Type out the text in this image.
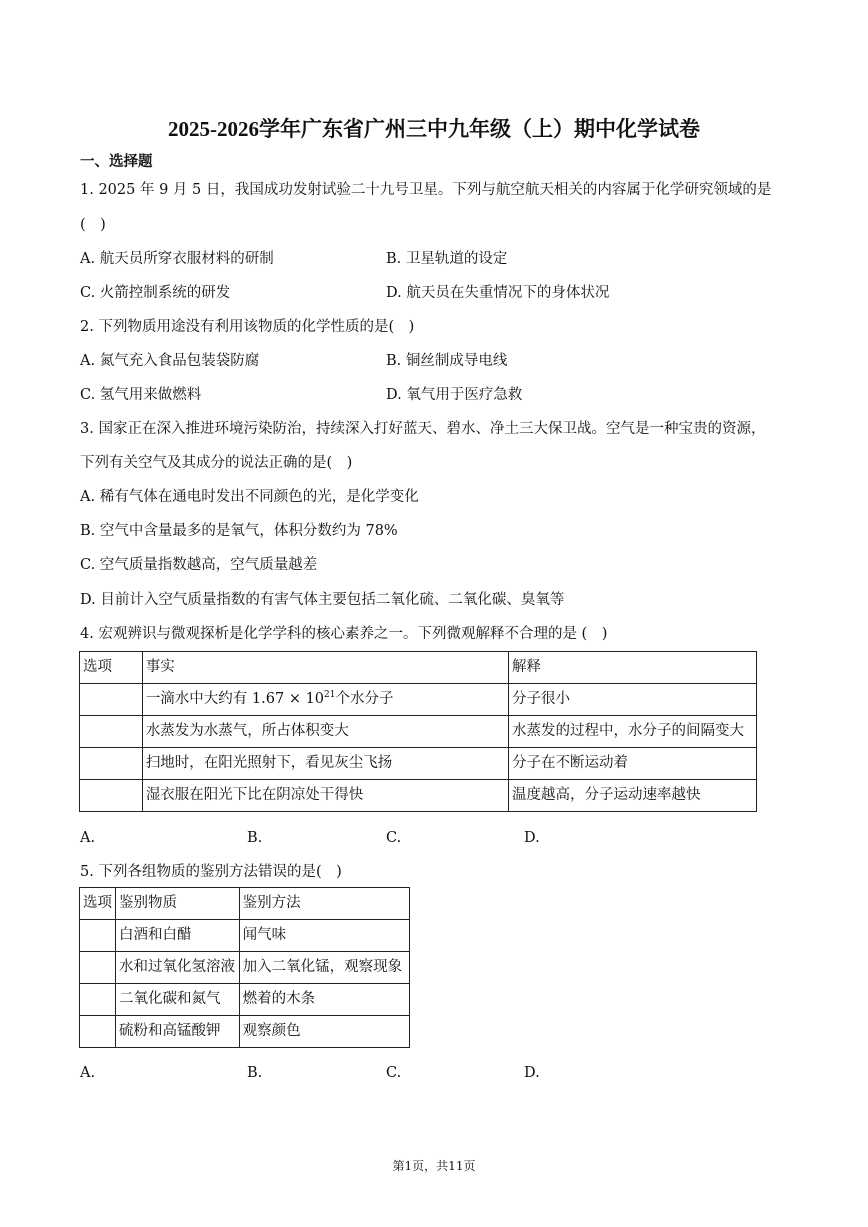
2025-2026学年广东省广州三中九年级（上）期中化学试卷
一、选择题
1. 2025 年 9 月 5 日，我国成功发射试验二十九号卫星。下列与航空航天相关的内容属于化学研究领域的是
(　)
A. 航天员所穿衣服材料的研制	B. 卫星轨道的设定
C. 火箭控制系统的研发	D. 航天员在失重情况下的身体状况
2. 下列物质用途没有利用该物质的化学性质的是(　)
A. 氮气充入食品包装袋防腐	B. 铜丝制成导电线
C. 氢气用来做燃料	D. 氧气用于医疗急救
3. 国家正在深入推进环境污染防治，持续深入打好蓝天、碧水、净土三大保卫战。空气是一种宝贵的资源，
下列有关空气及其成分的说法正确的是(　)
A. 稀有气体在通电时发出不同颜色的光，是化学变化
B. 空气中含量最多的是氧气，体积分数约为 78%
C. 空气质量指数越高，空气质量越差
D. 目前计入空气质量指数的有害气体主要包括二氧化硫、二氧化碳、臭氧等
4. 宏观辨识与微观探析是化学学科的核心素养之一。下列微观解释不合理的是 (　)
选项	事实	解释
	一滴水中大约有 $1.67 \times 10^{21}$个水分子	分子很小
	水蒸发为水蒸气，所占体积变大	水蒸发的过程中，水分子的间隔变大
	扫地时，在阳光照射下，看见灰尘飞扬	分子在不断运动着
	湿衣服在阳光下比在阴凉处干得快	温度越高，分子运动速率越快
A.	B.	C.	D.
5. 下列各组物质的鉴别方法错误的是(　)
选项	鉴别物质	鉴别方法
	白酒和白醋	闻气味
	水和过氧化氢溶液	加入二氧化锰，观察现象
	二氧化碳和氮气	燃着的木条
	硫粉和高锰酸钾	观察颜色
A.	B.	C.	D.
第1页，共11页
